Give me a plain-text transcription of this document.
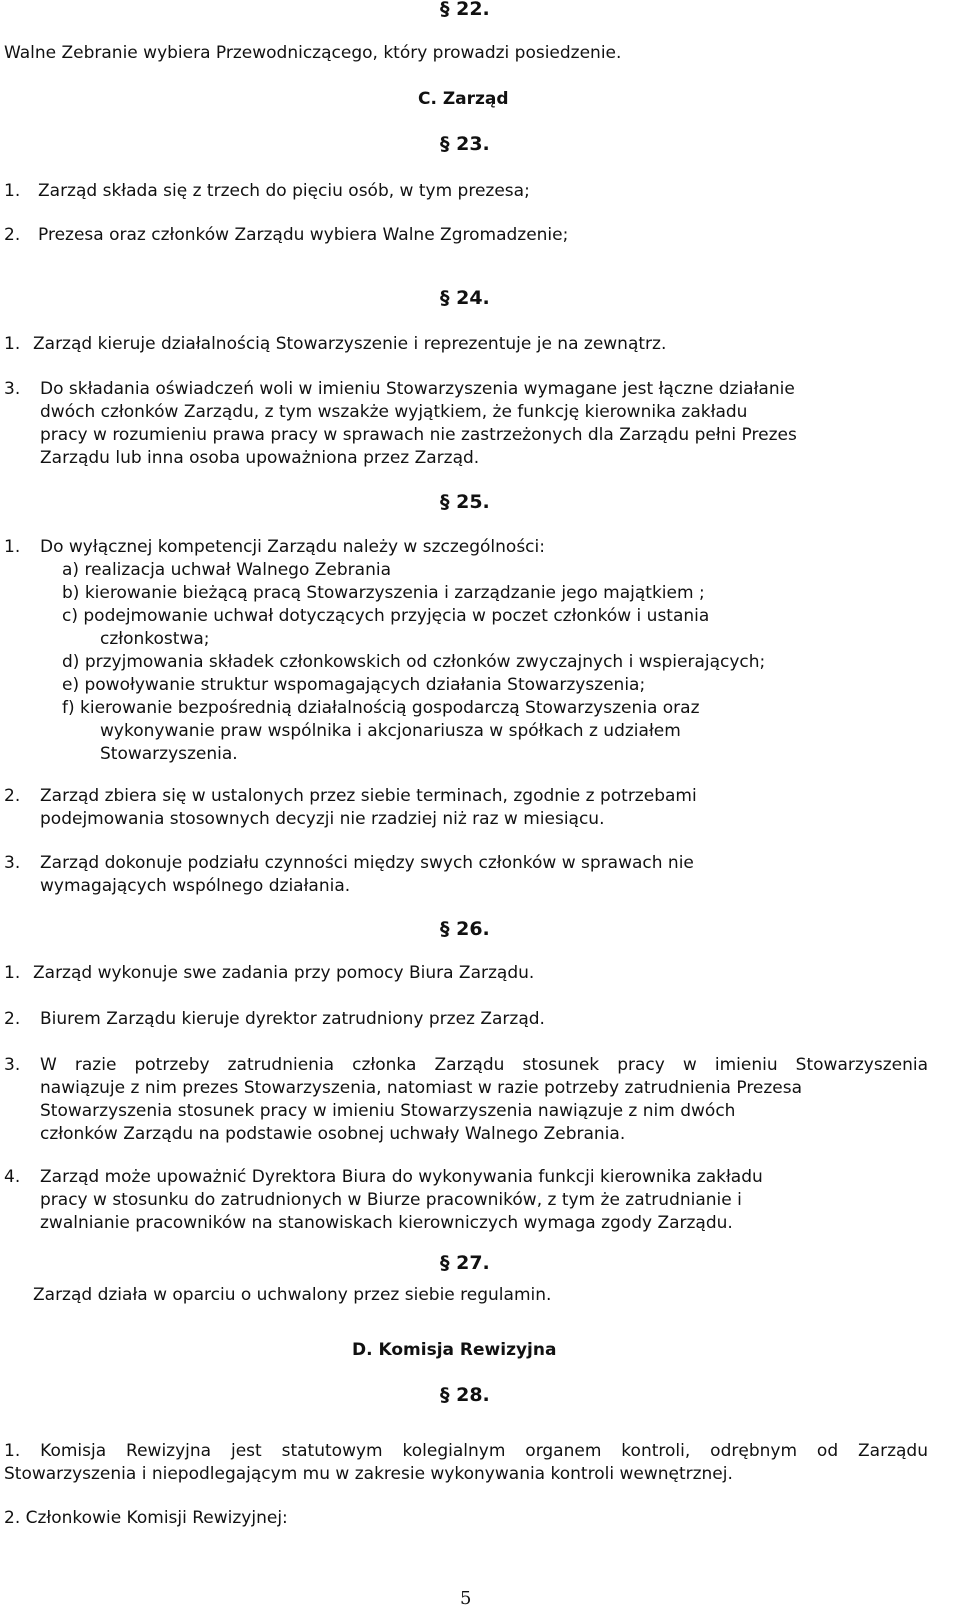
§ 22.
Walne Zebranie wybiera Przewodniczącego, który prowadzi posiedzenie.
C. Zarząd
§ 23.
1. Zarząd składa się z trzech do pięciu osób, w tym prezesa;
2. Prezesa oraz członków Zarządu wybiera Walne Zgromadzenie;
§ 24.
1. Zarząd kieruje działalnością Stowarzyszenie i reprezentuje je na zewnątrz.
3. Do składania oświadczeń woli w imieniu Stowarzyszenia wymagane jest łączne działanie
dwóch członków Zarządu, z tym wszakże wyjątkiem, że funkcję kierownika zakładu
pracy w rozumieniu prawa pracy w sprawach nie zastrzeżonych dla Zarządu pełni Prezes
Zarządu lub inna osoba upoważniona przez Zarząd.
§ 25.
1. Do wyłącznej kompetencji Zarządu należy w szczególności:
a) realizacja uchwał Walnego Zebrania
b) kierowanie bieżącą pracą Stowarzyszenia i zarządzanie jego majątkiem ;
c) podejmowanie uchwał dotyczących przyjęcia w poczet członków i ustania
członkostwa;
d) przyjmowania składek członkowskich od członków zwyczajnych i wspierających;
e) powoływanie struktur wspomagających działania Stowarzyszenia;
f) kierowanie bezpośrednią działalnością gospodarczą Stowarzyszenia oraz
wykonywanie praw wspólnika i akcjonariusza w spółkach z udziałem
Stowarzyszenia.
2. Zarząd zbiera się w ustalonych przez siebie terminach, zgodnie z potrzebami
podejmowania stosownych decyzji nie rzadziej niż raz w miesiącu.
3. Zarząd dokonuje podziału czynności między swych członków w sprawach nie
wymagających wspólnego działania.
§ 26.
1. Zarząd wykonuje swe zadania przy pomocy Biura Zarządu.
2. Biurem Zarządu kieruje dyrektor zatrudniony przez Zarząd.
3. W razie potrzeby zatrudnienia członka Zarządu stosunek pracy w imieniu Stowarzyszenia
nawiązuje z nim prezes Stowarzyszenia, natomiast w razie potrzeby zatrudnienia Prezesa
Stowarzyszenia stosunek pracy w imieniu Stowarzyszenia nawiązuje z nim dwóch
członków Zarządu na podstawie osobnej uchwały Walnego Zebrania.
4. Zarząd może upoważnić Dyrektora Biura do wykonywania funkcji kierownika zakładu
pracy w stosunku do zatrudnionych w Biurze pracowników, z tym że zatrudnianie i
zwalnianie pracowników na stanowiskach kierowniczych wymaga zgody Zarządu.
§ 27.
Zarząd działa w oparciu o uchwalony przez siebie regulamin.
D. Komisja Rewizyjna
§ 28.
1. Komisja Rewizyjna jest statutowym kolegialnym organem kontroli, odrębnym od Zarządu
Stowarzyszenia i niepodlegającym mu w zakresie wykonywania kontroli wewnętrznej.
2. Członkowie Komisji Rewizyjnej:
5
